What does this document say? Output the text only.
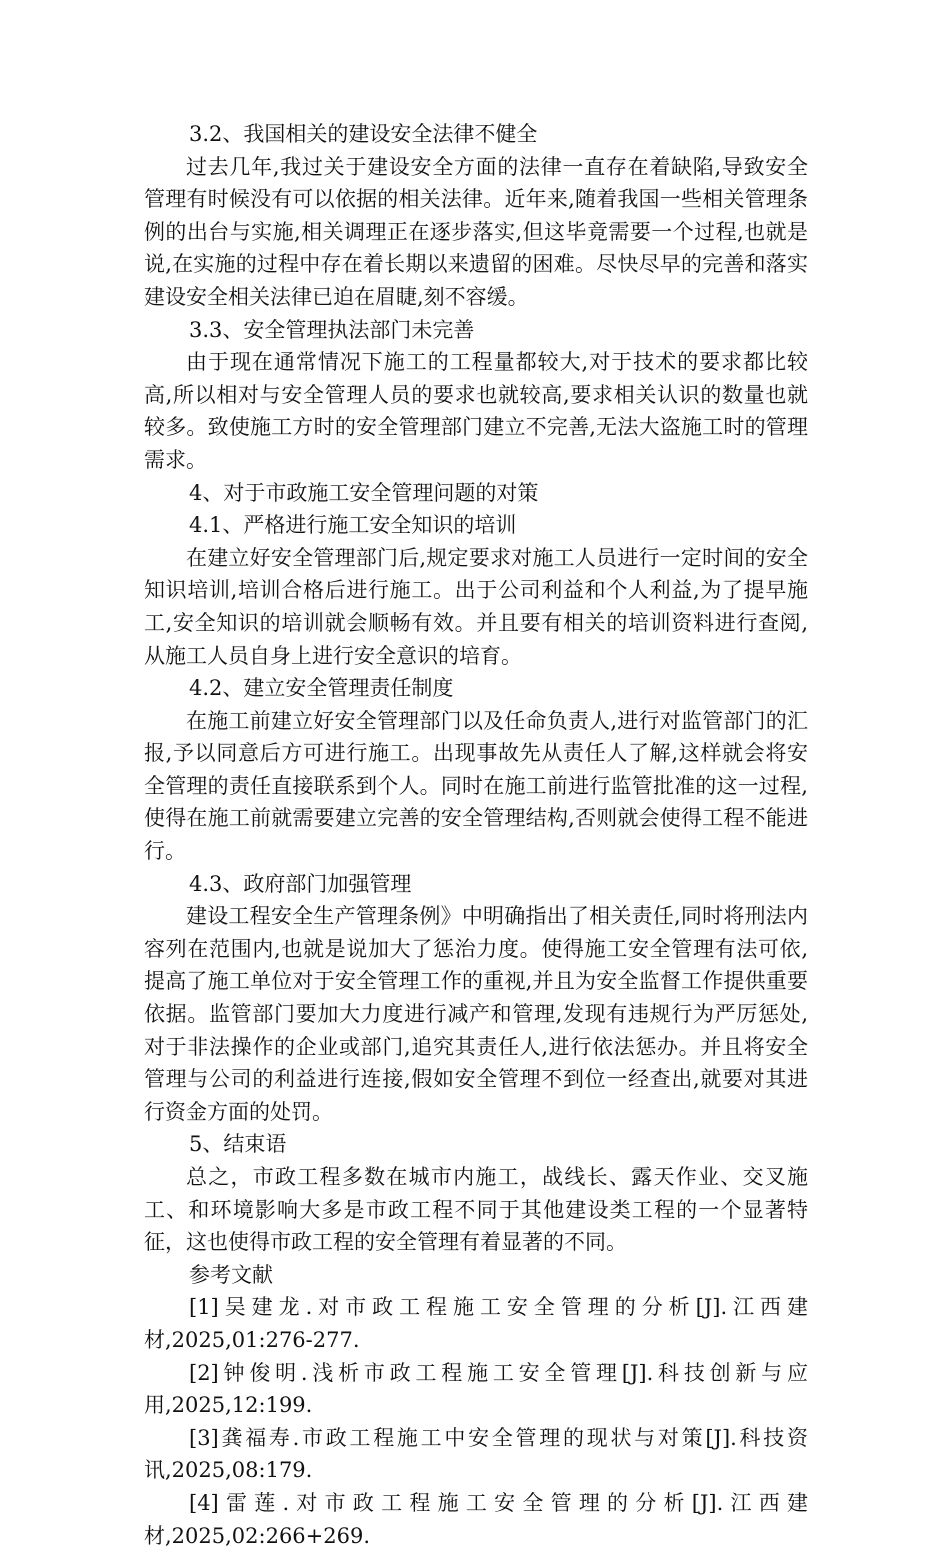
3.2、我国相关的建设安全法律不健全

过去几年,我过关于建设安全方面的法律一直存在着缺陷,导致安全管理有时候没有可以依据的相关法律。近年来,随着我国一些相关管理条例的出台与实施,相关调理正在逐步落实,但这毕竟需要一个过程,也就是说,在实施的过程中存在着长期以来遗留的困难。尽快尽早的完善和落实建设安全相关法律已迫在眉睫,刻不容缓。

3.3、安全管理执法部门未完善

由于现在通常情况下施工的工程量都较大,对于技术的要求都比较高,所以相对与安全管理人员的要求也就较高,要求相关认识的数量也就较多。致使施工方时的安全管理部门建立不完善,无法大盗施工时的管理需求。

4、对于市政施工安全管理问题的对策

4.1、严格进行施工安全知识的培训

在建立好安全管理部门后,规定要求对施工人员进行一定时间的安全知识培训,培训合格后进行施工。出于公司利益和个人利益,为了提早施工,安全知识的培训就会顺畅有效。并且要有相关的培训资料进行查阅,从施工人员自身上进行安全意识的培育。

4.2、建立安全管理责任制度

在施工前建立好安全管理部门以及任命负责人,进行对监管部门的汇报,予以同意后方可进行施工。出现事故先从责任人了解,这样就会将安全管理的责任直接联系到个人。同时在施工前进行监管批准的这一过程,使得在施工前就需要建立完善的安全管理结构,否则就会使得工程不能进行。

4.3、政府部门加强管理

建设工程安全生产管理条例》中明确指出了相关责任,同时将刑法内容列在范围内,也就是说加大了惩治力度。使得施工安全管理有法可依,提高了施工单位对于安全管理工作的重视,并且为安全监督工作提供重要依据。监管部门要加大力度进行减产和管理,发现有违规行为严厉惩处,对于非法操作的企业或部门,追究其责任人,进行依法惩办。并且将安全管理与公司的利益进行连接,假如安全管理不到位一经查出,就要对其进行资金方面的处罚。

5、结束语

总之，市政工程多数在城市内施工，战线长、露天作业、交叉施工、和环境影响大多是市政工程不同于其他建设类工程的一个显著特征，这也使得市政工程的安全管理有着显著的不同。

参考文献

[1]吴建龙.对市政工程施工安全管理的分析[J].江西建材,2025,01:276-277.

[2]钟俊明.浅析市政工程施工安全管理[J].科技创新与应用,2025,12:199.

[3]龚福寿.市政工程施工中安全管理的现状与对策[J].科技资讯,2025,08:179.

[4]雷莲.对市政工程施工安全管理的分析[J].江西建材,2025,02:266+269.
